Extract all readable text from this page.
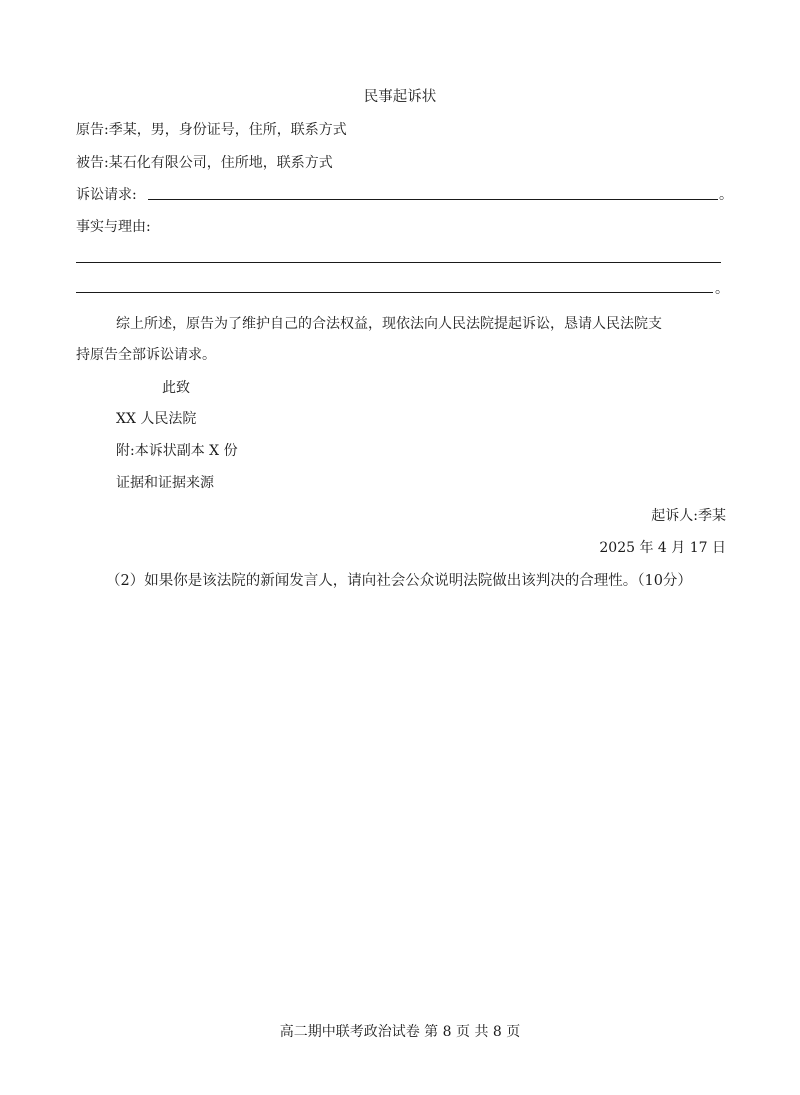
民事起诉状
原告:季某，男，身份证号，住所，联系方式
被告:某石化有限公司，住所地，联系方式
诉讼请求:	。
事实与理由:
。
综上所述，原告为了维护自己的合法权益，现依法向人民法院提起诉讼，恳请人民法院支
持原告全部诉讼请求。
此致
XX 人民法院
附:本诉状副本 X 份
证据和证据来源
起诉人:季某
2025 年 4 月 17 日
（2）如果你是该法院的新闻发言人，请向社会公众说明法院做出该判决的合理性。（10分）
高二期中联考政治试卷 第 8 页 共 8 页
